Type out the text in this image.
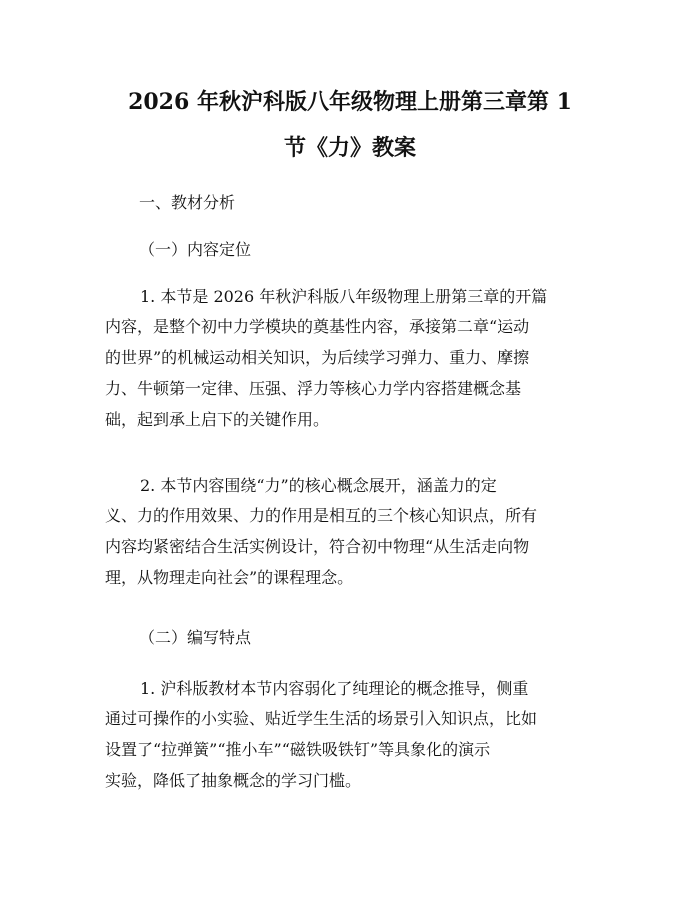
2026 年秋沪科版八年级物理上册第三章第 1
节《力》教案
一、教材分析
（一）内容定位
1. 本节是 2026 年秋沪科版八年级物理上册第三章的开篇
内容，是整个初中力学模块的奠基性内容，承接第二章“运动
的世界”的机械运动相关知识，为后续学习弹力、重力、摩擦
力、牛顿第一定律、压强、浮力等核心力学内容搭建概念基
础，起到承上启下的关键作用。
2. 本节内容围绕“力”的核心概念展开，涵盖力的定
义、力的作用效果、力的作用是相互的三个核心知识点，所有
内容均紧密结合生活实例设计，符合初中物理“从生活走向物
理，从物理走向社会”的课程理念。
（二）编写特点
1. 沪科版教材本节内容弱化了纯理论的概念推导，侧重
通过可操作的小实验、贴近学生生活的场景引入知识点，比如
设置了“拉弹簧”“推小车”“磁铁吸铁钉”等具象化的演示
实验，降低了抽象概念的学习门槛。
